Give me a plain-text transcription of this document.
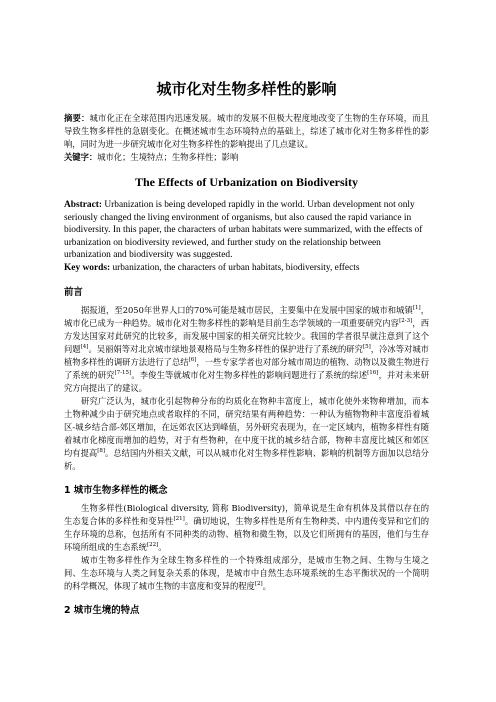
城市化对生物多样性的影响

摘要：城市化正在全球范围内迅速发展。城市的发展不但极大程度地改变了生物的生存环境，而且导致生物多样性的急剧变化。在概述城市生态环境特点的基础上，综述了城市化对生物多样性的影响，同时为进一步研究城市化对生物多样性的影响提出了几点建议。

关键字：城市化；生境特点；生物多样性；影响

The Effects of Urbanization on Biodiversity

Abstract: Urbanization is being developed rapidly in the world. Urban development not only seriously changed the living environment of organisms, but also caused the rapid variance in biodiversity. In this paper, the characters of urban habitats were summarized, with the effects of urbanization on biodiversity reviewed, and further study on the relationship between urbanization and biodiversity was suggested.

Key words: urbanization, the characters of urban habitats, biodiversity, effects

前言

据报道，至2050年世界人口的70%可能是城市居民，主要集中在发展中国家的城市和城镇[1]，城市化已成为一种趋势。城市化对生物多样性的影响是目前生态学领域的一项重要研究内容[2-3]，西方发达国家对此研究的比较多，而发展中国家的相关研究比较少。我国的学者很早就注意到了这个问题[4]。吴丽娟等对北京城市绿地景观格局与生物多样性的保护进行了系统的研究[5]，冷冰等对城市植物多样性的调研方法进行了总结[6]，一些专家学者也对部分城市周边的植物、动物以及微生物进行了系统的研究[7-15]。李俊生等就城市化对生物多样性的影响问题进行了系统的综述[16]，并对未来研究方向提出了的建议。

研究广泛认为，城市化引起物种分布的均质化在物种丰富度上，城市化使外来物种增加，而本土物种减少由于研究地点或者取样的不同，研究结果有两种趋势：一种认为植物物种丰富度沿着城区-城乡结合部-郊区增加，在远郊农区达到峰值，另外研究表现为，在一定区域内，植物多样性有随着城市化梯度而增加的趋势，对于有些物种，在中度干扰的城乡结合部，物种丰富度比城区和郊区均有提高[8]。总结国内外相关文献，可以从城市化对生物多样性影响、影响的机制等方面加以总结分析。

1 城市生物多样性的概念

生物多样性(Biological diversity, 简称 Biodiversity)，简单说是生命有机体及其借以存在的生态复合体的多样性和变异性[21]。确切地说，生物多样性是所有生物种类、中内遗传变异和它们的生存环境的总称，包括所有不同种类的动物、植物和微生物，以及它们所拥有的基因，他们与生存环境所组成的生态系统[22]。

城市生物多样性作为全球生物多样性的一个特殊组成部分，是城市生物之间、生物与生境之间、生态环境与人类之间复杂关系的体现，是城市中自然生态环境系统的生态平衡状况的一个简明的科学概况，体现了城市生物的丰富度和变异的程度[2]。

2 城市生境的特点
